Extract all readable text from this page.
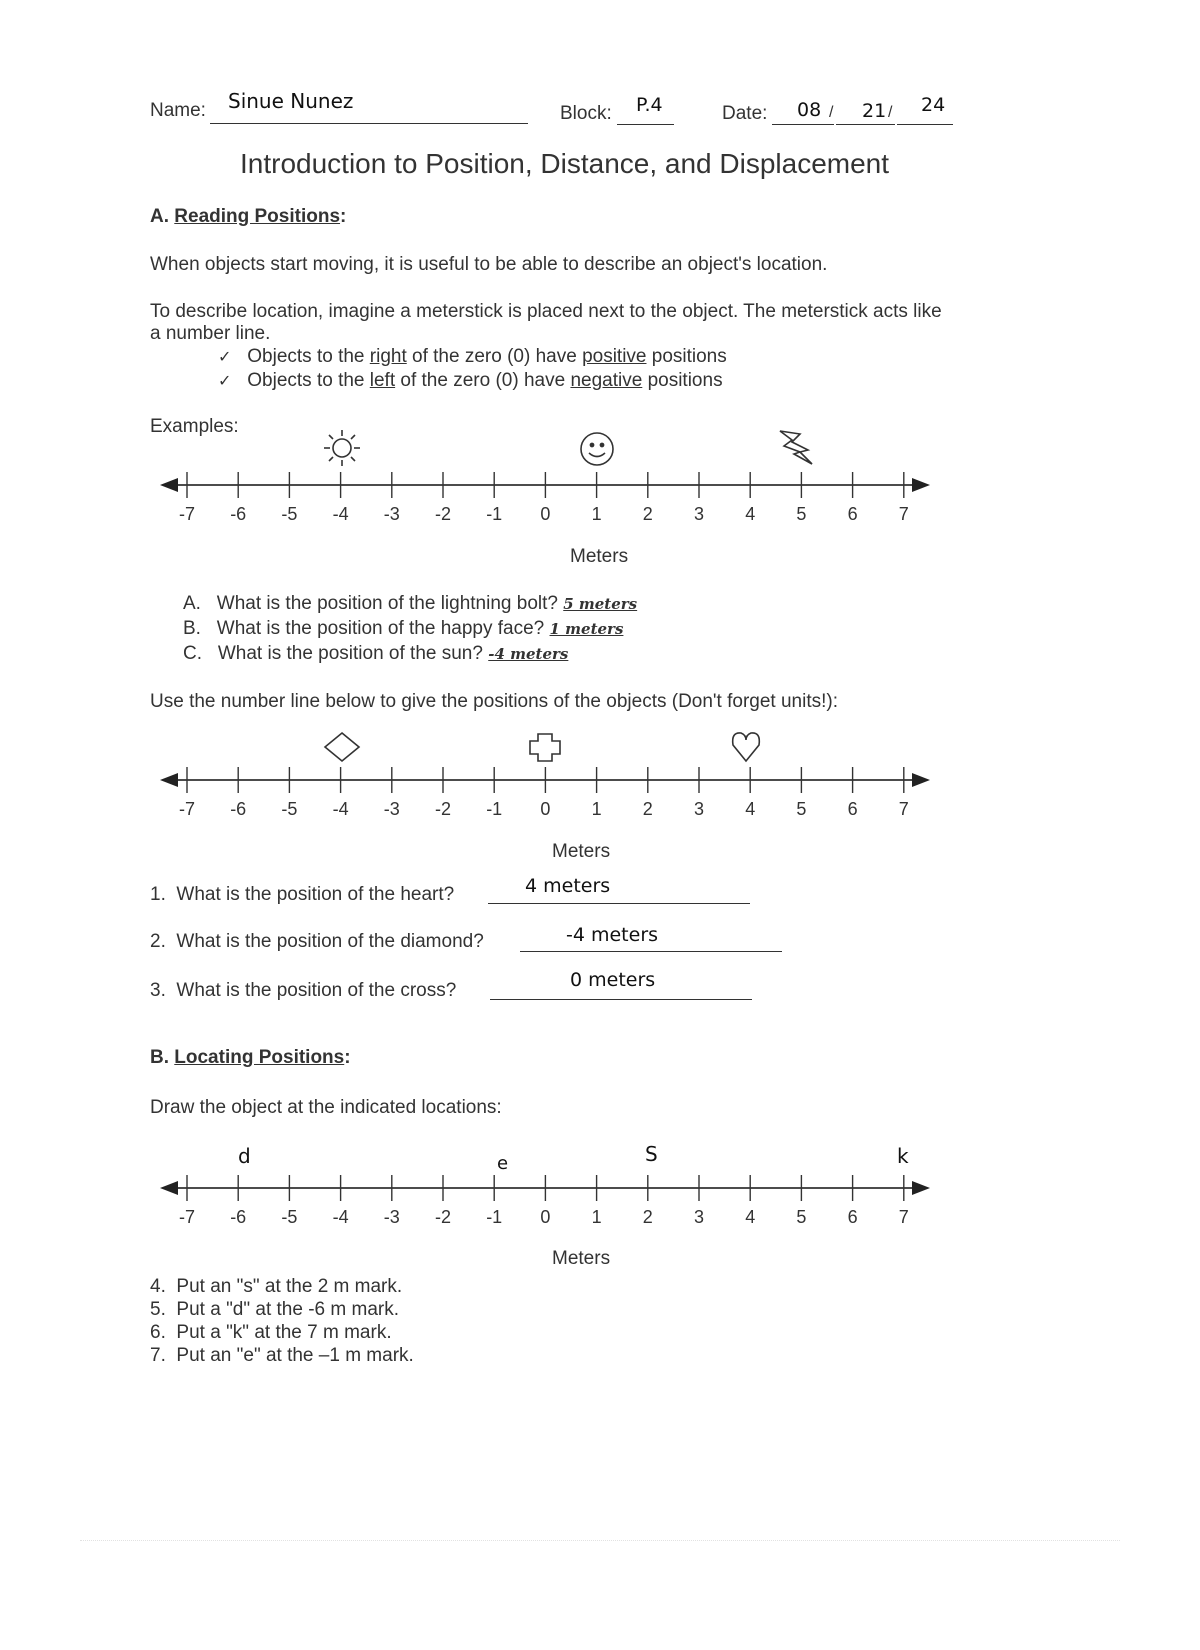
Name: Sinue Nunez
Block: P.4	Date: 08 / 21 / 24
Introduction to Position, Distance, and Displacement
A. Reading Positions:
When objects start moving, it is useful to be able to describe an object's location.
To describe location, imagine a meterstick is placed next to the object. The meterstick acts like
a number line.
✓ Objects to the right of the zero (0) have positive positions
✓ Objects to the left of the zero (0) have negative positions
Examples:
-7 -6 -5 -4 -3 -2 -1 0 1 2 3 4 5 6 7
Meters
A. What is the position of the lightning bolt? 5 meters
B. What is the position of the happy face? 1 meters
C. What is the position of the sun? -4 meters
Use the number line below to give the positions of the objects (Don't forget units!):
-7 -6 -5 -4 -3 -2 -1 0 1 2 3 4 5 6 7
Meters
1. What is the position of the heart?	4 meters
2. What is the position of the diamond?	-4 meters
3. What is the position of the cross?	0 meters
B. Locating Positions:
Draw the object at the indicated locations:
-7 -6 -5 -4 -3 -2 -1 0 1 2 3 4 5 6 7
d	e	S	k
Meters
4. Put an "s" at the 2 m mark.
5. Put a "d" at the -6 m mark.
6. Put a "k" at the 7 m mark.
7. Put an "e" at the –1 m mark.
